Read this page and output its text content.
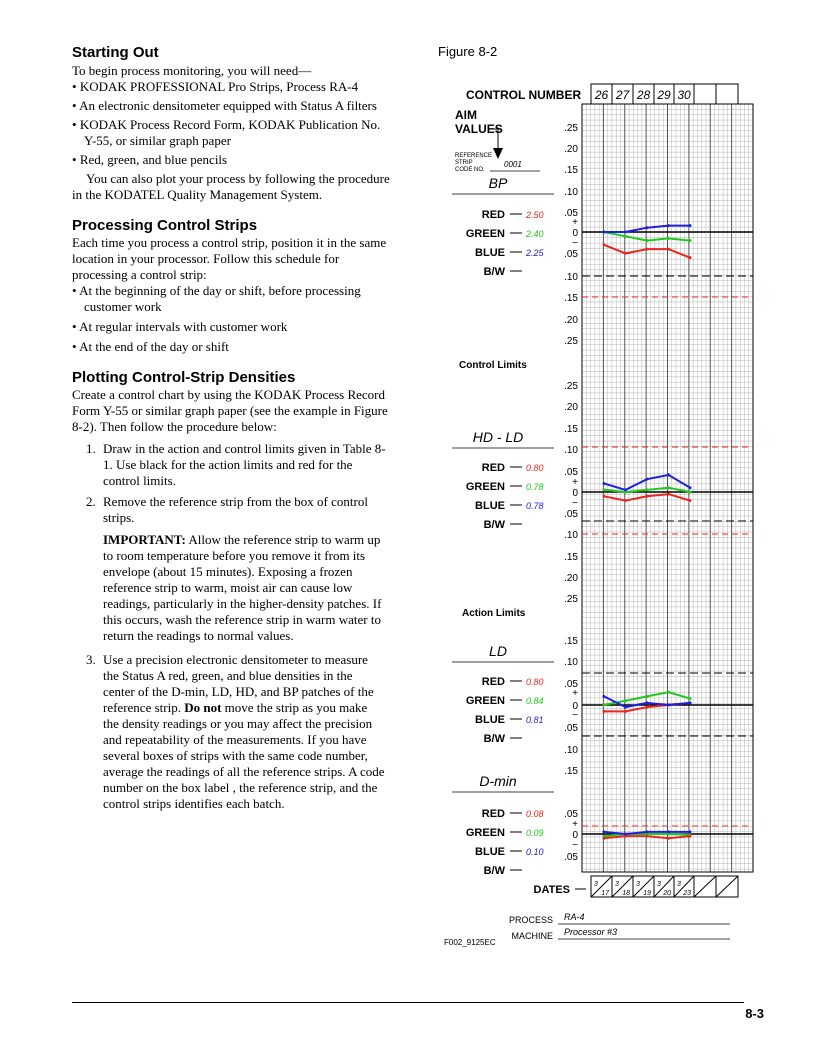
Starting Out
To begin process monitoring, you will need—
• KODAK PROFESSIONAL Pro Strips, Process RA-4
• An electronic densitometer equipped with Status A filters
• KODAK Process Record Form, KODAK Publication No. Y-55, or similar graph paper
• Red, green, and blue pencils
You can also plot your process by following the procedure in the KODATEL Quality Management System.
Processing Control Strips
Each time you process a control strip, position it in the same location in your processor. Follow this schedule for processing a control strip:
• At the beginning of the day or shift, before processing customer work
• At regular intervals with customer work
• At the end of the day or shift
Plotting Control-Strip Densities
Create a control chart by using the KODAK Process Record Form Y-55 or similar graph paper (see the example in Figure 8-2). Then follow the procedure below:
1. Draw in the action and control limits given in Table 8-1. Use black for the action limits and red for the control limits.
2. Remove the reference strip from the box of control strips.
IMPORTANT: Allow the reference strip to warm up to room temperature before you remove it from its envelope (about 15 minutes). Exposing a frozen reference strip to warm, moist air can cause low readings, particularly in the higher-density patches. If this occurs, wash the reference strip in warm water to return the readings to normal values.
3. Use a precision electronic densitometer to measure the Status A red, green, and blue densities in the center of the D-min, LD, HD, and BP patches of the reference strip. Do not move the strip as you make the density readings or you may affect the precision and repeatability of the measurements. If you have several boxes of strips with the same code number, average the readings of all the reference strips. A code number on the box label , the reference strip, and the control strips identifies each batch.
Figure 8-2
CONTROL NUMBER 26 27 28 29 30
AIM
VALUES
REFERENCE
STRIP
CODE NO.
0001
Control Limits
Action Limits
BP
RED 2.50
GREEN 2.40
BLUE 2.25
B/W
.25
.20
.15
.10
.05
+
0
−
.05
.10
.15
.20
.25
HD - LD
RED 0.80
GREEN 0.78
BLUE 0.78
B/W
.25
.20
.15
.10
.05
+
0
−
.05
.10
.15
.20
.25
LD
RED 0.80
GREEN 0.84
BLUE 0.81
B/W
.15
.10
.05
+
0
−
.05
.10
.15
D-min
RED 0.08
GREEN 0.09
BLUE 0.10
B/W
.05
+
0
−
.05
DATES	3
17
3
18
3
19
3
20
3
23
PROCESS RA-4
MACHINE Processor #3
F002_9125EC
8-3
